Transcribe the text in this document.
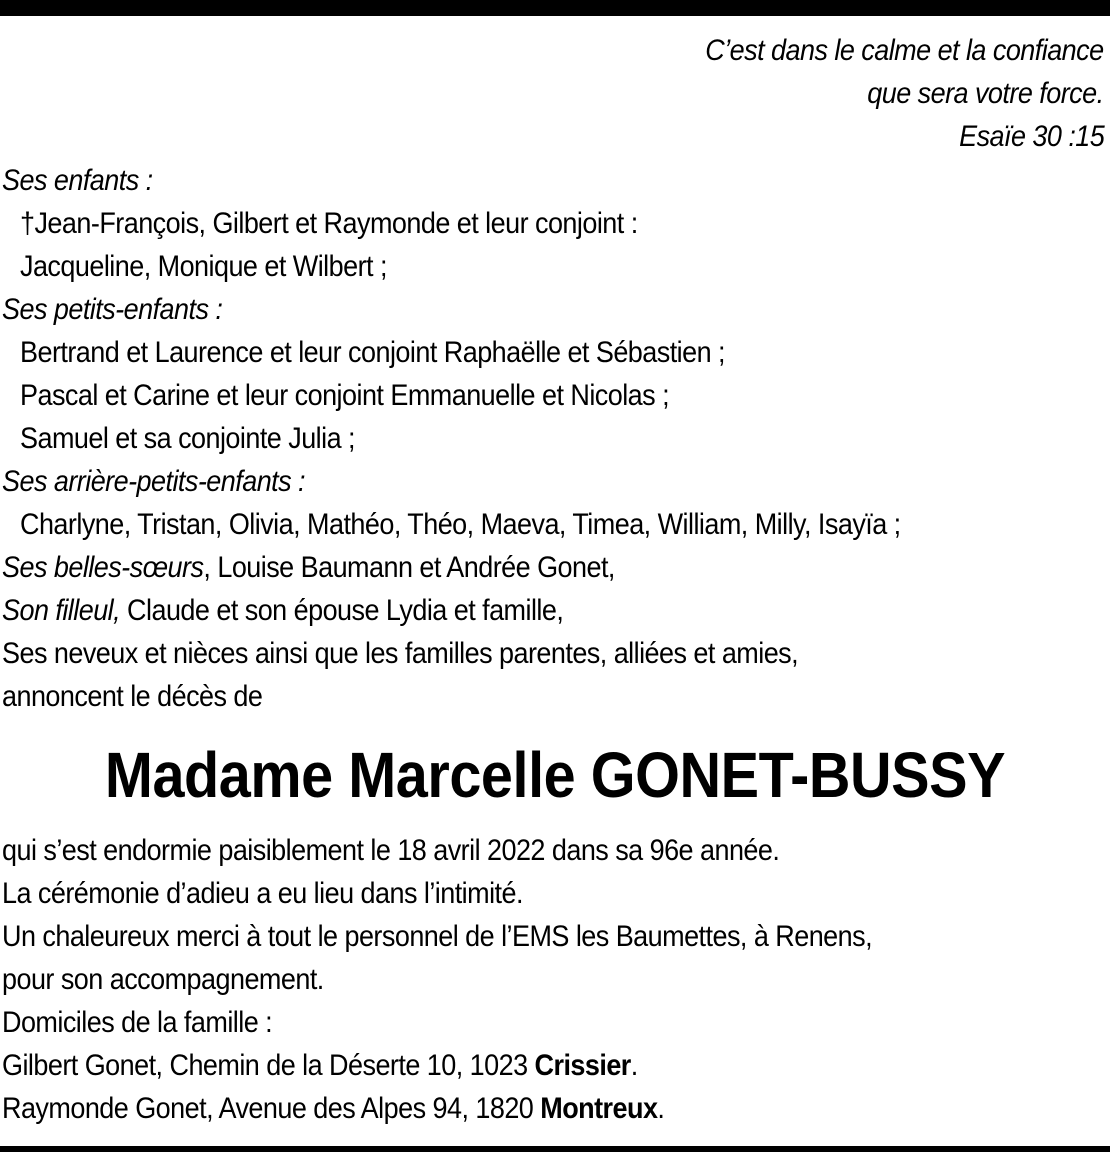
C’est dans le calme et la confiance
que sera votre force.
Esaïe 30 :15
Ses enfants :
†Jean-François, Gilbert et Raymonde et leur conjoint :
Jacqueline, Monique et Wilbert ;
Ses petits-enfants :
Bertrand et Laurence et leur conjoint Raphaëlle et Sébastien ;
Pascal et Carine et leur conjoint Emmanuelle et Nicolas ;
Samuel et sa conjointe Julia ;
Ses arrière-petits-enfants :
Charlyne, Tristan, Olivia, Mathéo, Théo, Maeva, Timea, William, Milly, Isayïa ;
Ses belles-sœurs, Louise Baumann et Andrée Gonet,
Son filleul, Claude et son épouse Lydia et famille,
Ses neveux et nièces ainsi que les familles parentes, alliées et amies,
annoncent le décès de
Madame Marcelle GONET-BUSSY
qui s’est endormie paisiblement le 18 avril 2022 dans sa 96e année.
La cérémonie d’adieu a eu lieu dans l’intimité.
Un chaleureux merci à tout le personnel de l’EMS les Baumettes, à Renens,
pour son accompagnement.
Domiciles de la famille :
Gilbert Gonet, Chemin de la Déserte 10, 1023 Crissier.
Raymonde Gonet, Avenue des Alpes 94, 1820 Montreux.
